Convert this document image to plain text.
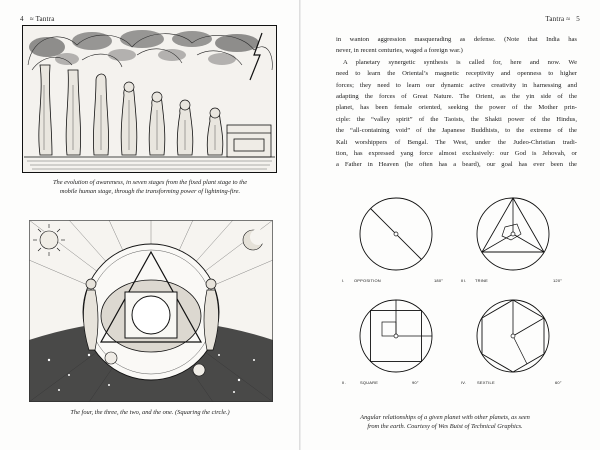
4 ≈ Tantra
The evolution of awareness, in seven stages from the fixed plant stage to the
mobile human stage, through the transforming power of lightning-fire.
The four, the three, the two, and the one. (Squaring the circle.)
Tantra ≈ 5
in wanton aggression masquerading as defense. (Note that India has
never, in recent centuries, waged a foreign war.)
A planetary synergetic synthesis is called for, here and now. We
need to learn the Oriental’s magnetic receptivity and openness to higher
forces; they need to learn our dynamic active creativity in harnessing and
adapting the forces of Great Nature. The Orient, as the yin side of the
planet, has been female oriented, seeking the power of the Mother prin-
ciple: the “valley spirit” of the Taoists, the Shakti power of the Hindus,
the “all-containing void” of the Japanese Buddhists, to the extreme of the
Kali worshippers of Bengal. The West, under the Judeo-Christian tradi-
tion, has expressed yang force almost exclusively: our God is Jehovah, or
a Father in Heaven (he often has a beard), our goal has ever been the
I. OPPOSITION	180°	III. TRINE	120°
II.	SQUARE	90°	IV.	SEXTILE	60°
Angular relationships of a given planet with other planets, as seen
from the earth. Courtesy of Wes Buist of Technical Graphics.
